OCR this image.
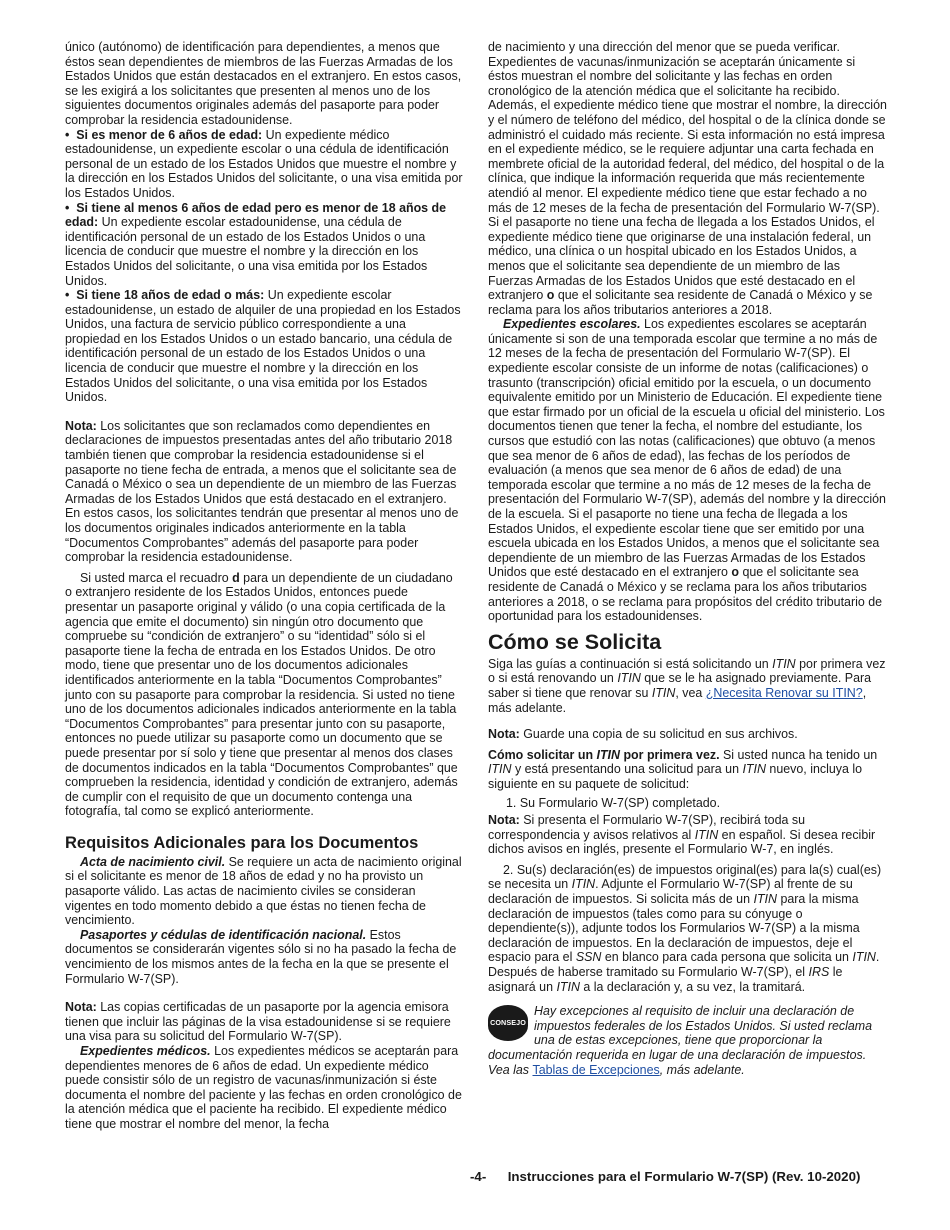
único (autónomo) de identificación para dependientes, a menos que éstos sean dependientes de miembros de las Fuerzas Armadas de los Estados Unidos que están destacados en el extranjero. En estos casos, se les exigirá a los solicitantes que presenten al menos uno de los siguientes documentos originales además del pasaporte para poder comprobar la residencia estadounidense.

•  Si es menor de 6 años de edad: Un expediente médico estadounidense, un expediente escolar o una cédula de identificación personal de un estado de los Estados Unidos que muestre el nombre y la dirección en los Estados Unidos del solicitante, o una visa emitida por los Estados Unidos.

•  Si tiene al menos 6 años de edad pero es menor de 18 años de edad: Un expediente escolar estadounidense, una cédula de identificación personal de un estado de los Estados Unidos o una licencia de conducir que muestre el nombre y la dirección en los Estados Unidos del solicitante, o una visa emitida por los Estados Unidos.

•  Si tiene 18 años de edad o más: Un expediente escolar estadounidense, un estado de alquiler de una propiedad en los Estados Unidos, una factura de servicio público correspondiente a una propiedad en los Estados Unidos o un estado bancario, una cédula de identificación personal de un estado de los Estados Unidos o una licencia de conducir que muestre el nombre y la dirección en los Estados Unidos del solicitante, o una visa emitida por los Estados Unidos.

Nota: Los solicitantes que son reclamados como dependientes en declaraciones de impuestos presentadas antes del año tributario 2018 también tienen que comprobar la residencia estadounidense si el pasaporte no tiene fecha de entrada, a menos que el solicitante sea de Canadá o México o sea un dependiente de un miembro de las Fuerzas Armadas de los Estados Unidos que está destacado en el extranjero. En estos casos, los solicitantes tendrán que presentar al menos uno de los documentos originales indicados anteriormente en la tabla “Documentos Comprobantes” además del pasaporte para poder comprobar la residencia estadounidense.

Si usted marca el recuadro d para un dependiente de un ciudadano o extranjero residente de los Estados Unidos, entonces puede presentar un pasaporte original y válido (o una copia certificada de la agencia que emite el documento) sin ningún otro documento que compruebe su “condición de extranjero” o su “identidad” sólo si el pasaporte tiene la fecha de entrada en los Estados Unidos. De otro modo, tiene que presentar uno de los documentos adicionales identificados anteriormente en la tabla “Documentos Comprobantes” junto con su pasaporte para comprobar la residencia. Si usted no tiene uno de los documentos adicionales indicados anteriormente en la tabla “Documentos Comprobantes” para presentar junto con su pasaporte, entonces no puede utilizar su pasaporte como un documento que se puede presentar por sí solo y tiene que presentar al menos dos clases de documentos indicados en la tabla “Documentos Comprobantes” que comprueben la residencia, identidad y condición de extranjero, además de cumplir con el requisito de que un documento contenga una fotografía, tal como se explicó anteriormente.

Requisitos Adicionales para los Documentos

Acta de nacimiento civil. Se requiere un acta de nacimiento original si el solicitante es menor de 18 años de edad y no ha provisto un pasaporte válido. Las actas de nacimiento civiles se consideran vigentes en todo momento debido a que éstas no tienen fecha de vencimiento.

Pasaportes y cédulas de identificación nacional. Estos documentos se considerarán vigentes sólo si no ha pasado la fecha de vencimiento de los mismos antes de la fecha en la que se presente el Formulario W-7(SP).

Nota: Las copias certificadas de un pasaporte por la agencia emisora tienen que incluir las páginas de la visa estadounidense si se requiere una visa para su solicitud del Formulario W-7(SP).

Expedientes médicos. Los expedientes médicos se aceptarán para dependientes menores de 6 años de edad. Un expediente médico puede consistir sólo de un registro de vacunas/inmunización si éste documenta el nombre del paciente y las fechas en orden cronológico de la atención médica que el paciente ha recibido. El expediente médico tiene que mostrar el nombre del menor, la fecha

de nacimiento y una dirección del menor que se pueda verificar. Expedientes de vacunas/inmunización se aceptarán únicamente si éstos muestran el nombre del solicitante y las fechas en orden cronológico de la atención médica que el solicitante ha recibido. Además, el expediente médico tiene que mostrar el nombre, la dirección y el número de teléfono del médico, del hospital o de la clínica donde se administró el cuidado más reciente. Si esta información no está impresa en el expediente médico, se le requiere adjuntar una carta fechada en membrete oficial de la autoridad federal, del médico, del hospital o de la clínica, que indique la información requerida que más recientemente atendió al menor. El expediente médico tiene que estar fechado a no más de 12 meses de la fecha de presentación del Formulario W-7(SP). Si el pasaporte no tiene una fecha de llegada a los Estados Unidos, el expediente médico tiene que originarse de una instalación federal, un médico, una clínica o un hospital ubicado en los Estados Unidos, a menos que el solicitante sea dependiente de un miembro de las Fuerzas Armadas de los Estados Unidos que esté destacado en el extranjero o que el solicitante sea residente de Canadá o México y se reclama para los años tributarios anteriores a 2018.

Expedientes escolares. Los expedientes escolares se aceptarán únicamente si son de una temporada escolar que termine a no más de 12 meses de la fecha de presentación del Formulario W-7(SP). El expediente escolar consiste de un informe de notas (calificaciones) o trasunto (transcripción) oficial emitido por la escuela, o un documento equivalente emitido por un Ministerio de Educación. El expediente tiene que estar firmado por un oficial de la escuela u oficial del ministerio. Los documentos tienen que tener la fecha, el nombre del estudiante, los cursos que estudió con las notas (calificaciones) que obtuvo (a menos que sea menor de 6 años de edad), las fechas de los períodos de evaluación (a menos que sea menor de 6 años de edad) de una temporada escolar que termine a no más de 12 meses de la fecha de presentación del Formulario W-7(SP), además del nombre y la dirección de la escuela. Si el pasaporte no tiene una fecha de llegada a los Estados Unidos, el expediente escolar tiene que ser emitido por una escuela ubicada en los Estados Unidos, a menos que el solicitante sea dependiente de un miembro de las Fuerzas Armadas de los Estados Unidos que esté destacado en el extranjero o que el solicitante sea residente de Canadá o México y se reclama para los años tributarios anteriores a 2018, o se reclama para propósitos del crédito tributario de oportunidad para los estadounidenses.

Cómo se Solicita

Siga las guías a continuación si está solicitando un ITIN por primera vez o si está renovando un ITIN que se le ha asignado previamente. Para saber si tiene que renovar su ITIN, vea ¿Necesita Renovar su ITIN?, más adelante.

Nota: Guarde una copia de su solicitud en sus archivos.

Cómo solicitar un ITIN por primera vez. Si usted nunca ha tenido un ITIN y está presentando una solicitud para un ITIN nuevo, incluya lo siguiente en su paquete de solicitud:

1. Su Formulario W-7(SP) completado.

Nota: Si presenta el Formulario W-7(SP), recibirá toda su correspondencia y avisos relativos al ITIN en español. Si desea recibir dichos avisos en inglés, presente el Formulario W-7, en inglés.

2. Su(s) declaración(es) de impuestos original(es) para la(s) cual(es) se necesita un ITIN. Adjunte el Formulario W-7(SP) al frente de su declaración de impuestos. Si solicita más de un ITIN para la misma declaración de impuestos (tales como para su cónyuge o dependiente(s)), adjunte todos los Formularios W-7(SP) a la misma declaración de impuestos. En la declaración de impuestos, deje el espacio para el SSN en blanco para cada persona que solicita un ITIN. Después de haberse tramitado su Formulario W-7(SP), el IRS le asignará un ITIN a la declaración y, a su vez, la tramitará.

CONSEJO

Hay excepciones al requisito de incluir una declaración de impuestos federales de los Estados Unidos. Si usted reclama una de estas excepciones, tiene que proporcionar la documentación requerida en lugar de una declaración de impuestos. Vea las Tablas de Excepciones, más adelante.

-4- Instrucciones para el Formulario W-7(SP) (Rev. 10-2020)
